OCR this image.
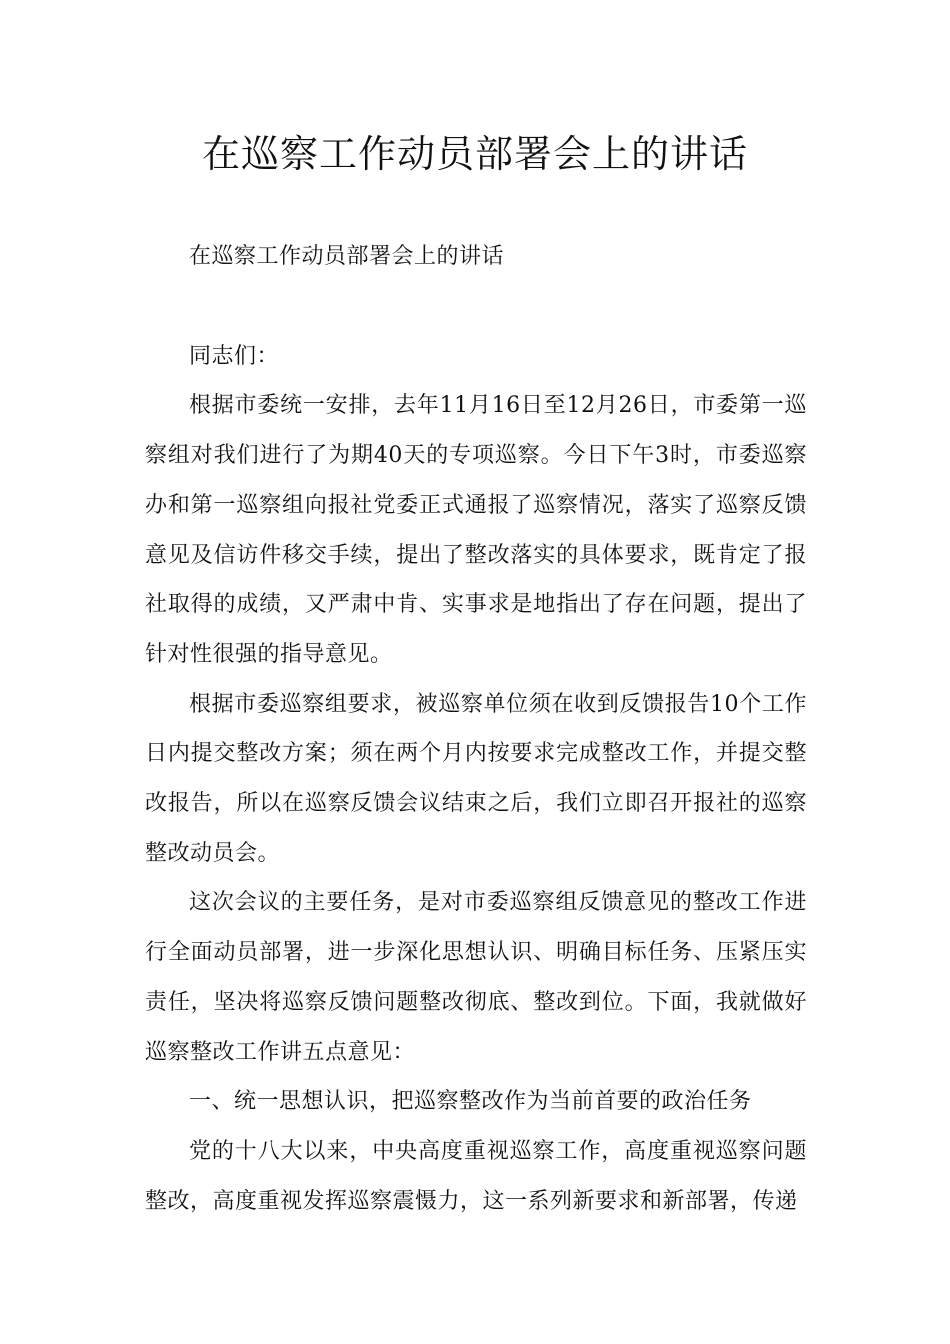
在巡察工作动员部署会上的讲话

在巡察工作动员部署会上的讲话

同志们：

根据市委统一安排，去年11月16日至12月26日，市委第一巡察组对我们进行了为期40天的专项巡察。今日下午3时，市委巡察办和第一巡察组向报社党委正式通报了巡察情况，落实了巡察反馈意见及信访件移交手续，提出了整改落实的具体要求，既肯定了报社取得的成绩，又严肃中肯、实事求是地指出了存在问题，提出了针对性很强的指导意见。

根据市委巡察组要求，被巡察单位须在收到反馈报告10个工作日内提交整改方案；须在两个月内按要求完成整改工作，并提交整改报告，所以在巡察反馈会议结束之后，我们立即召开报社的巡察整改动员会。

这次会议的主要任务，是对市委巡察组反馈意见的整改工作进行全面动员部署，进一步深化思想认识、明确目标任务、压紧压实责任，坚决将巡察反馈问题整改彻底、整改到位。下面，我就做好巡察整改工作讲五点意见：

一、统一思想认识，把巡察整改作为当前首要的政治任务

党的十八大以来，中央高度重视巡察工作，高度重视巡察问题整改，高度重视发挥巡察震慑力，这一系列新要求和新部署，传递
